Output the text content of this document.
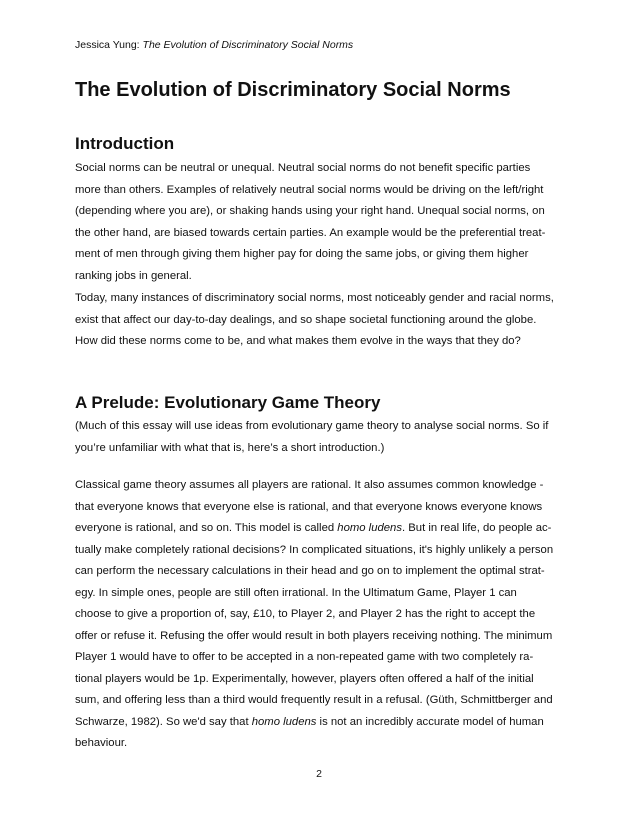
Jessica Yung: The Evolution of Discriminatory Social Norms
The Evolution of Discriminatory Social Norms
Introduction
Social norms can be neutral or unequal. Neutral social norms do not benefit specific parties
more than others. Examples of relatively neutral social norms would be driving on the left/right
(depending where you are), or shaking hands using your right hand. Unequal social norms, on
the other hand, are biased towards certain parties. An example would be the preferential treat-
ment of men through giving them higher pay for doing the same jobs, or giving them higher
ranking jobs in general.
Today, many instances of discriminatory social norms, most noticeably gender and racial norms,
exist that affect our day-to-day dealings, and so shape societal functioning around the globe.
How did these norms come to be, and what makes them evolve in the ways that they do?
A Prelude: Evolutionary Game Theory
(Much of this essay will use ideas from evolutionary game theory to analyse social norms. So if
you’re unfamiliar with what that is, here’s a short introduction.)
Classical game theory assumes all players are rational. It also assumes common knowledge -
that everyone knows that everyone else is rational, and that everyone knows everyone knows
everyone is rational, and so on. This model is called homo ludens. But in real life, do people ac-
tually make completely rational decisions? In complicated situations, it's highly unlikely a person
can perform the necessary calculations in their head and go on to implement the optimal strat-
egy. In simple ones, people are still often irrational. In the Ultimatum Game, Player 1 can
choose to give a proportion of, say, £10, to Player 2, and Player 2 has the right to accept the
offer or refuse it. Refusing the offer would result in both players receiving nothing. The minimum
Player 1 would have to offer to be accepted in a non-repeated game with two completely ra-
tional players would be 1p. Experimentally, however, players often offered a half of the initial
sum, and offering less than a third would frequently result in a refusal. (Güth, Schmittberger and
Schwarze, 1982). So we'd say that homo ludens is not an incredibly accurate model of human
behaviour.
2
